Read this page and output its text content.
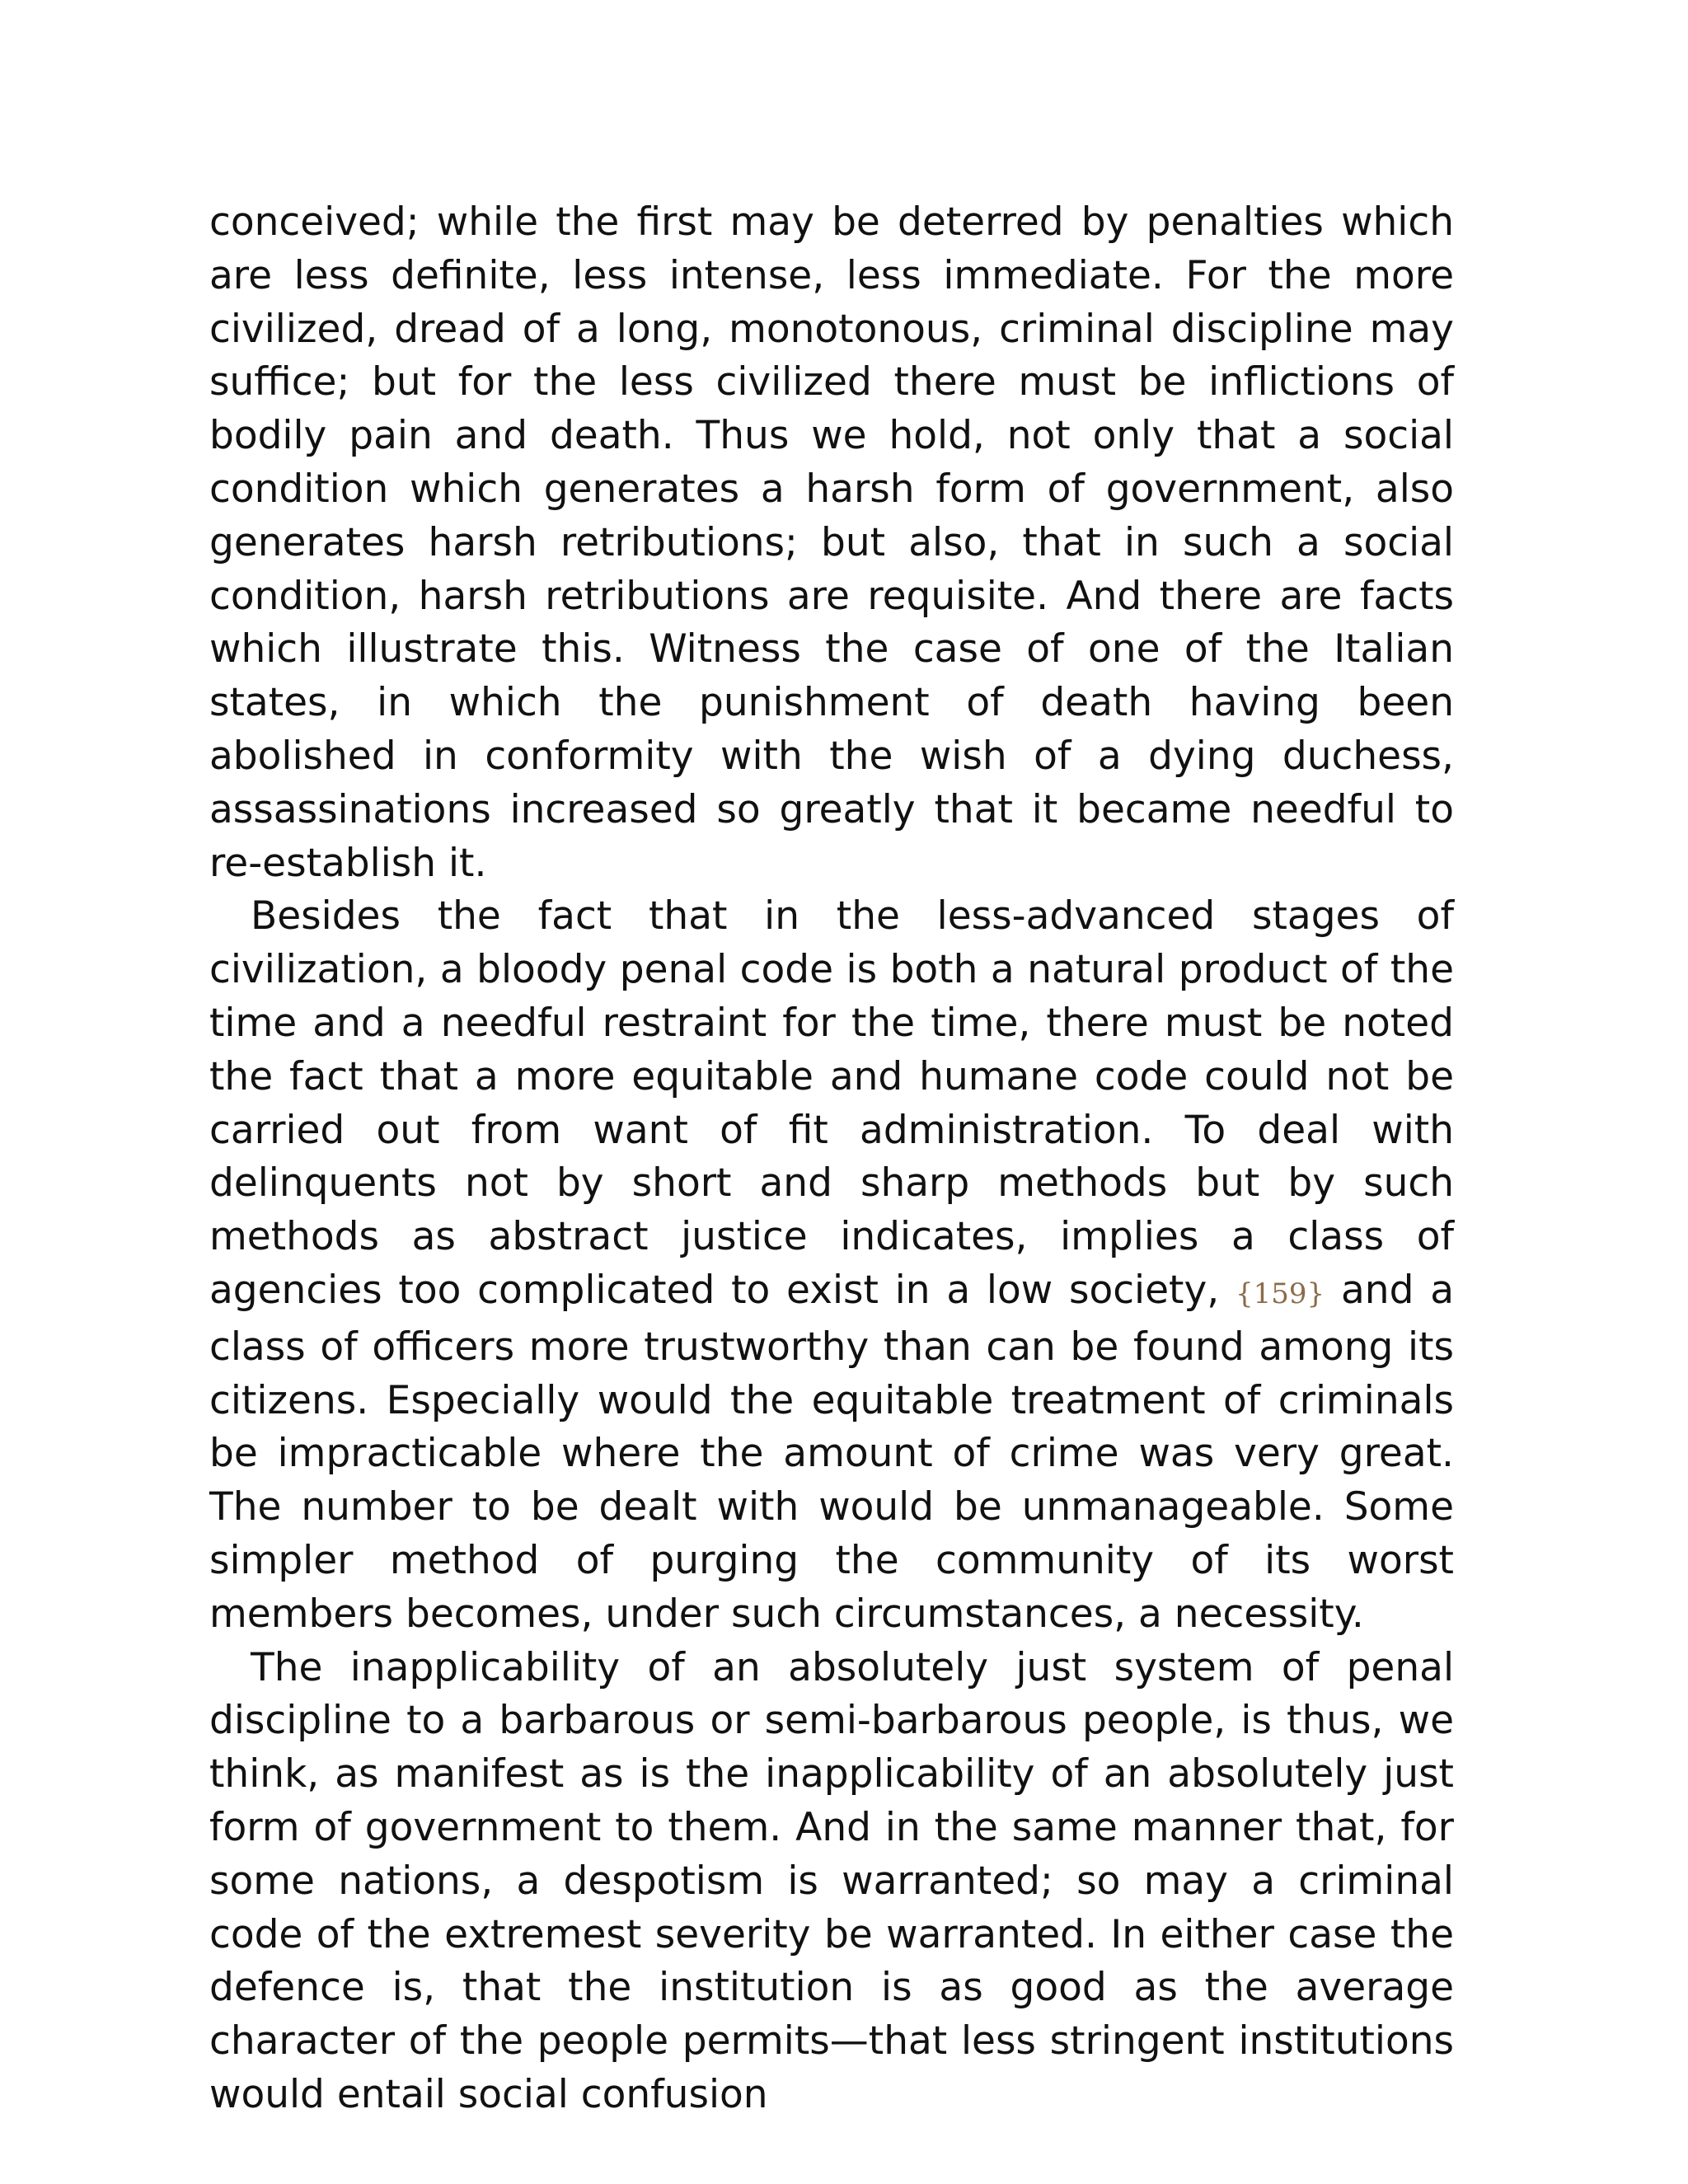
conceived; while the first may be deterred by penalties which are less definite, less intense, less immediate. For the more civilized, dread of a long, monotonous, criminal discipline may suffice; but for the less civilized there must be inflictions of bodily pain and death. Thus we hold, not only that a social condition which generates a harsh form of government, also generates harsh retributions; but also, that in such a social condition, harsh retributions are requisite. And there are facts which illustrate this. Witness the case of one of the Italian states, in which the punishment of death having been abolished in conformity with the wish of a dying duchess, assassinations increased so greatly that it became needful to re-establish it.

Besides the fact that in the less-advanced stages of civilization, a bloody penal code is both a natural product of the time and a needful restraint for the time, there must be noted the fact that a more equitable and humane code could not be carried out from want of fit administration. To deal with delinquents not by short and sharp methods but by such methods as abstract justice indicates, implies a class of agencies too complicated to exist in a low society, {159} and a class of officers more trustworthy than can be found among its citizens. Especially would the equitable treatment of criminals be impracticable where the amount of crime was very great. The number to be dealt with would be unmanageable. Some simpler method of purging the community of its worst members becomes, under such circumstances, a necessity.

The inapplicability of an absolutely just system of penal discipline to a barbarous or semi-barbarous people, is thus, we think, as manifest as is the inapplicability of an absolutely just form of government to them. And in the same manner that, for some nations, a despotism is warranted; so may a criminal code of the extremest severity be warranted. In either case the defence is, that the institution is as good as the average character of the people permits—that less stringent institutions would entail social confusion
